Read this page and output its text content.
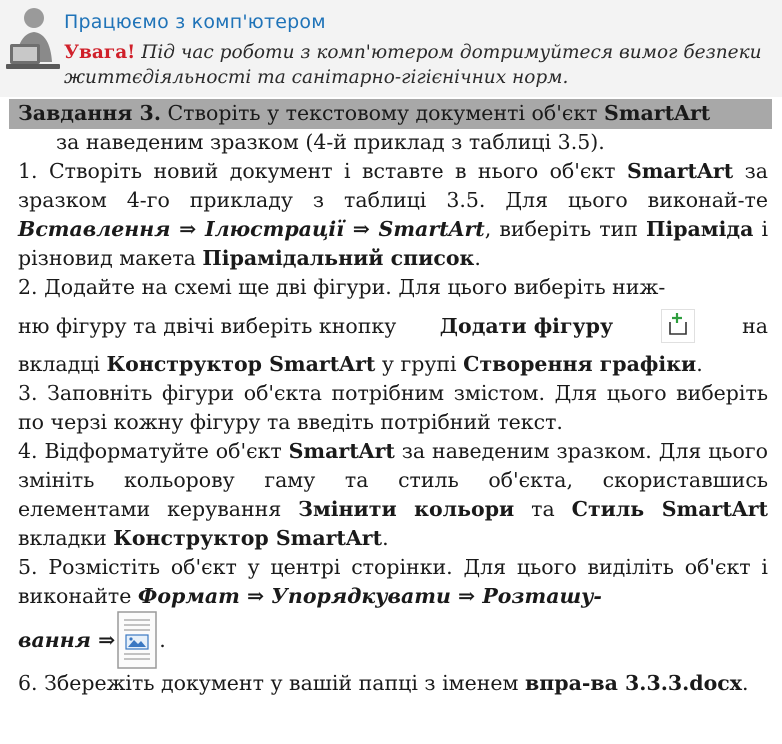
Працюємо з комп'ютером
Увага! Під час роботи з комп'ютером дотримуйтеся вимог безпеки життєдіяльності та санітарно-гігієнічних норм.

Завдання 3. Створіть у текстовому документі об'єкт SmartArt

за наведеним зразком (4-й приклад з таблиці 3.5).

1. Створіть новий документ і вставте в нього об'єкт SmartArt за зразком 4-го прикладу з таблиці 3.5. Для цього виконай-те Вставлення ⇒ Ілюстрації ⇒ SmartArt, виберіть тип Піраміда і різновид макета Пірамідальний список.

2. Додайте на схемі ще дві фігури. Для цього виберіть ниж-

ню фігуру та двічі виберіть кнопку Додати фігуру	на

вкладці Конструктор SmartArt у групі Створення графіки.

3. Заповніть фігури об'єкта потрібним змістом. Для цього виберіть по черзі кожну фігуру та введіть потрібний текст.

4. Відформатуйте об'єкт SmartArt за наведеним зразком. Для цього змініть кольорову гаму та стиль об'єкта, скориставшись елементами керування Змінити кольори та Стиль SmartArt вкладки Конструктор SmartArt.

5. Розмістіть об'єкт у центрі сторінки. Для цього виділіть об'єкт і виконайте Формат ⇒ Упорядкувати ⇒ Розташу-

вання ⇒ .

6. Збережіть документ у вашій папці з іменем впра-ва 3.3.3.docx.
